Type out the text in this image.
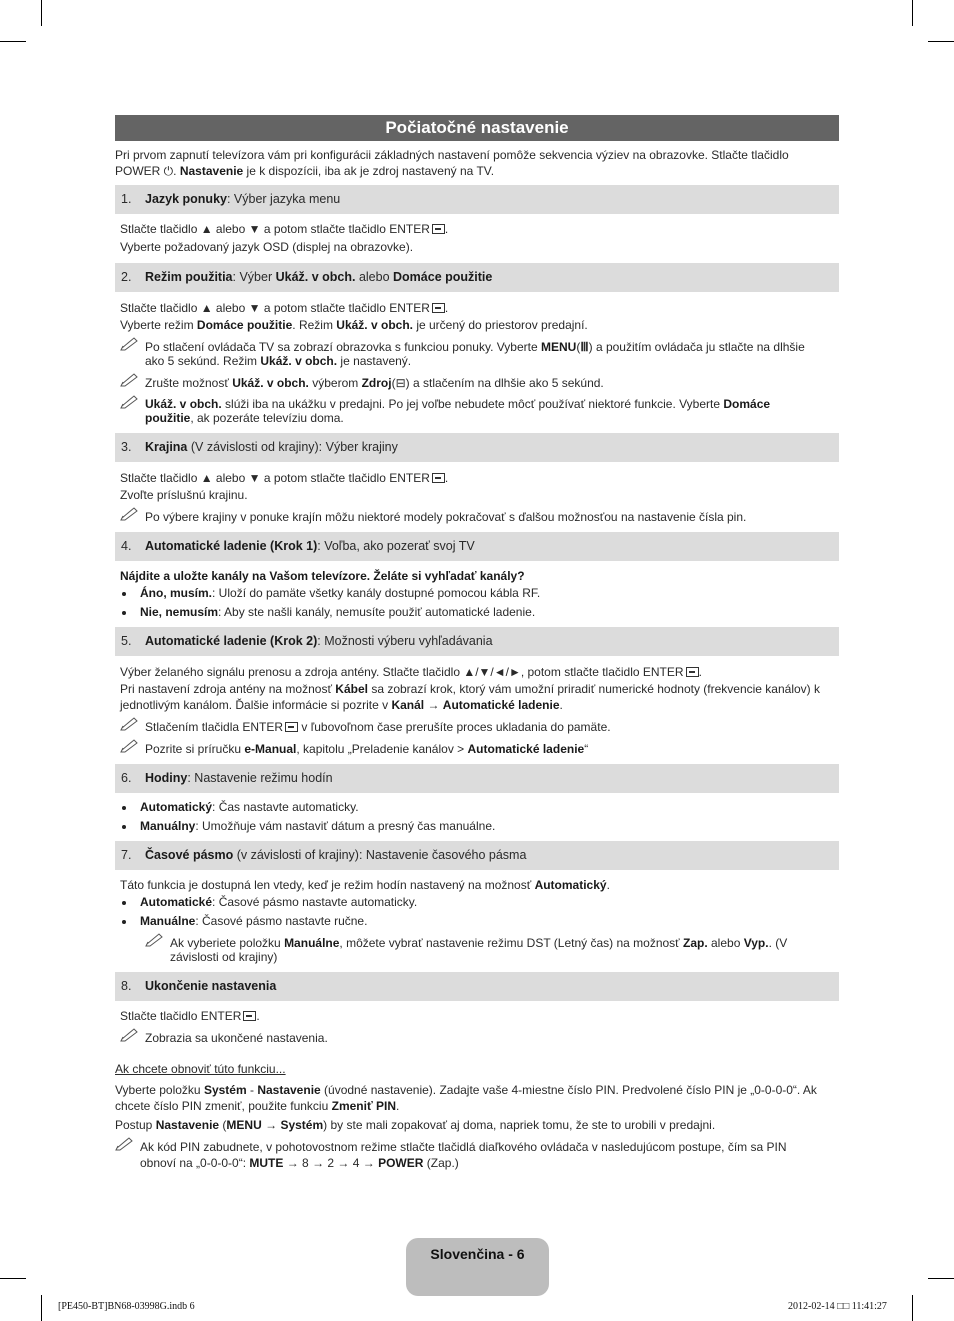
Počiatočné nastavenie
Pri prvom zapnutí televízora vám pri konfigurácii základných nastavení pomôže sekvencia výziev na obrazovke. Stlačte tlačidlo
POWER ⏻. Nastavenie je k dispozícii, iba ak je zdroj nastavený na TV.
1. Jazyk ponuky: Výber jazyka menu
Stlačte tlačidlo ▲ alebo ▼ a potom stlačte tlačidlo ENTER .
Vyberte požadovaný jazyk OSD (displej na obrazovke).
2. Režim použitia: Výber Ukáž. v obch. alebo Domáce použitie
Stlačte tlačidlo ▲ alebo ▼ a potom stlačte tlačidlo ENTER .
Vyberte režim Domáce použitie. Režim Ukáž. v obch. je určený do priestorov predajní.
Po stlačení ovládača TV sa zobrazí obrazovka s funkciou ponuky. Vyberte MENU(Ⅲ) a použitím ovládača ju stlačte na dlhšie
ako 5 sekúnd. Režim Ukáž. v obch. je nastavený.
Zrušte možnosť Ukáž. v obch. výberom Zdroj(⊟) a stlačením na dlhšie ako 5 sekúnd.
Ukáž. v obch. slúži iba na ukážku v predajni. Po jej voľbe nebudete môcť používať niektoré funkcie. Vyberte Domáce
použitie, ak pozeráte televíziu doma.
3. Krajina (V závislosti od krajiny): Výber krajiny
Stlačte tlačidlo ▲ alebo ▼ a potom stlačte tlačidlo ENTER .
Zvoľte príslušnú krajinu.
Po výbere krajiny v ponuke krajín môžu niektoré modely pokračovať s ďalšou možnosťou na nastavenie čísla pin.
4. Automatické ladenie (Krok 1): Voľba, ako pozerať svoj TV
Nájdite a uložte kanály na Vašom televízore. Želáte si vyhľadať kanály?
Áno, musím.: Uloží do pamäte všetky kanály dostupné pomocou kábla RF.
Nie, nemusím: Aby ste našli kanály, nemusíte použiť automatické ladenie.
5. Automatické ladenie (Krok 2): Možnosti výberu vyhľadávania
Výber želaného signálu prenosu a zdroja antény. Stlačte tlačidlo ▲/▼/◄/►, potom stlačte tlačidlo ENTER .
Pri nastavení zdroja antény na možnosť Kábel sa zobrazí krok, ktorý vám umožní priradiť numerické hodnoty (frekvencie kanálov) k
jednotlivým kanálom. Ďalšie informácie si pozrite v Kanál → Automatické ladenie.
Stlačením tlačidla ENTER v ľubovoľnom čase prerušíte proces ukladania do pamäte.
Pozrite si príručku e-Manual, kapitolu „Preladenie kanálov > Automatické ladenie“
6. Hodiny: Nastavenie režimu hodín
Automatický: Čas nastavte automaticky.
Manuálny: Umožňuje vám nastaviť dátum a presný čas manuálne.
7. Časové pásmo (v závislosti of krajiny): Nastavenie časového pásma
Táto funkcia je dostupná len vtedy, keď je režim hodín nastavený na možnosť Automatický.
Automatické: Časové pásmo nastavte automaticky.
Manuálne: Časové pásmo nastavte ručne.
Ak vyberiete položku Manuálne, môžete vybrať nastavenie režimu DST (Letný čas) na možnosť Zap. alebo Vyp.. (V
závislosti od krajiny)
8. Ukončenie nastavenia
Stlačte tlačidlo ENTER .
Zobrazia sa ukončené nastavenia.
Ak chcete obnoviť túto funkciu...
Vyberte položku Systém - Nastavenie (úvodné nastavenie). Zadajte vaše 4-miestne číslo PIN. Predvolené číslo PIN je „0-0-0-0“. Ak
chcete číslo PIN zmeniť, použite funkciu Zmeniť PIN.
Postup Nastavenie (MENU → Systém) by ste mali zopakovať aj doma, napriek tomu, že ste to urobili v predajni.
Ak kód PIN zabudnete, v pohotovostnom režime stlačte tlačidlá diaľkového ovládača v nasledujúcom postupe, čím sa PIN
obnoví na „0-0-0-0“: MUTE → 8 → 2 → 4 → POWER (Zap.)
Slovenčina - 6
[PE450-BT]BN68-03998G.indb 6	2012-02-14 □□ 11:41:27
